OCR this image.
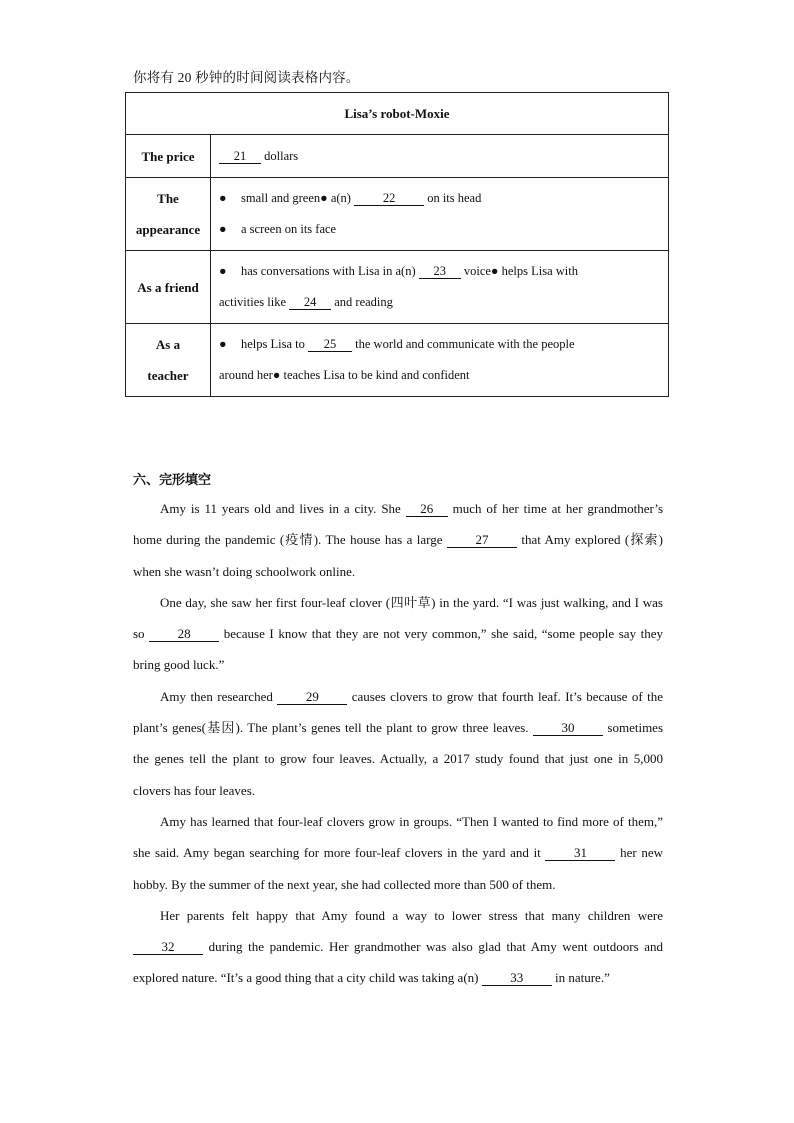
你将有 20 秒钟的时间阅读表格内容。
Lisa’s robot-Moxie	
The price	21 dollars
The
appearance	● small and green● a(n) 22 on its head
● a screen on its face
As a friend	● has conversations with Lisa in a(n) 23 voice● helps Lisa with
activities like 24 and reading
As a
teacher	● helps Lisa to 25 the world and communicate with the people
around her● teaches Lisa to be kind and confident
六、完形填空

Amy is 11 years old and lives in a city. She 26 much of her time at her grandmother’s home during the pandemic (疫情). The house has a large	27	that Amy explored (探索) when she wasn’t doing schoolwork online.

One day, she saw her first four-leaf clover (四叶草) in the yard. “I was just walking, and I was so	28	because I know that they are not very common,” she said, “some people say they bring good luck.”

Amy then researched	29	causes clovers to grow that fourth leaf. It’s because of the plant’s genes(基因). The plant’s genes tell the plant to grow three leaves.	30	sometimes the genes tell the plant to grow four leaves. Actually, a 2017 study found that just one in 5,000 clovers has four leaves.

Amy has learned that four-leaf clovers grow in groups. “Then I wanted to find more of them,” she said. Amy began searching for more four-leaf clovers in the yard and it	31	her new hobby. By the summer of the next year, she had collected more than 500 of them.

Her parents felt happy that Amy found a way to lower stress that many children were 32	during the pandemic. Her grandmother was also glad that Amy went outdoors and explored nature. “It’s a good thing that a city child was taking a(n) 33 in nature.”
